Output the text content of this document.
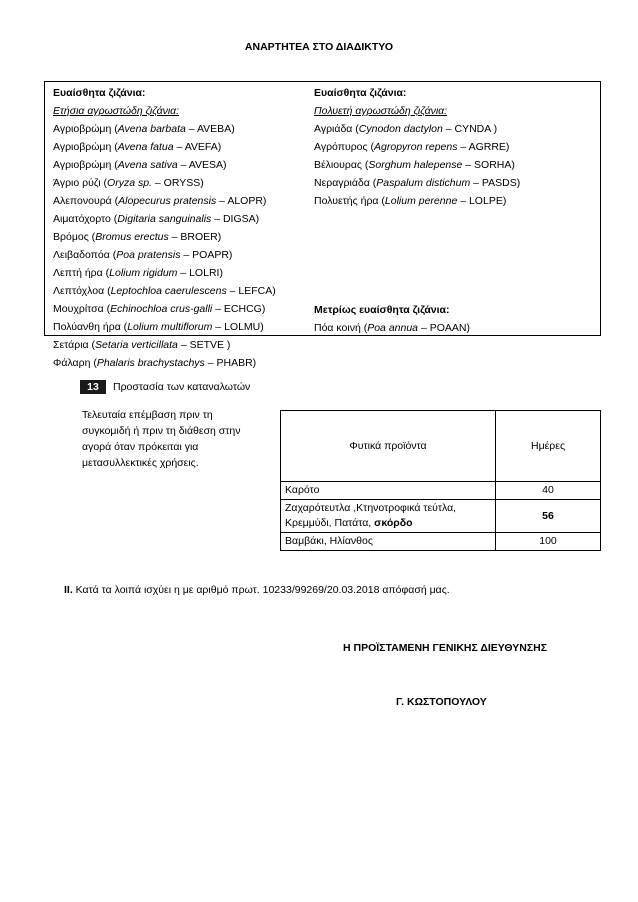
ΑΝΑΡΤΗΤΕΑ ΣΤΟ ΔΙΑΔΙΚΤΥΟ
Ευαίσθητα ζιζάνια:
Ετήσια αγρωστώδη ζιζάνια:
Αγριοβρώμη (Avena barbata – AVEBA)
Αγριοβρώμη (Avena fatua – AVEFA)
Αγριοβρώμη (Avena sativa – AVESA)
Άγριο ρύζι (Oryza sp. – ORYSS)
Αλεπονουρά (Alopecurus pratensis – ALOPR)
Αιματόχορτο (Digitaria sanguinalis – DIGSA)
Βρόμος (Bromus erectus – BROER)
Λειβαδοπόα (Poa pratensis – POAPR)
Λεπτή ήρα (Lolium rigidum – LOLRI)
Λεπτόχλοα (Leptochloa caerulescens – LEFCA)
Μουχρίτσα (Echinochloa crus-galli – ECHCG)
Πολύανθη ήρα (Lolium multiflorum – LOLMU)
Σετάρια (Setaria verticillata – SETVE )
Φάλαρη (Phalaris brachystachys – PHABR)
Ευαίσθητα ζιζάνια:
Πολυετή αγρωστώδη ζιζάνια:
Αγριάδα (Cynodon dactylon – CYNDA )
Αγρόπυρος (Agropyron repens – AGRRE)
Βέλιουρας (Sorghum halepense – SORHA)
Νεραγριάδα (Paspalum distichum – PASDS)
Πολυετής ήρα (Lolium perenne – LOLPE)
Μετρίως ευαίσθητα ζιζάνια:
Πόα κοινή (Poa annua – POAAN)
13	Προστασία των καταναλωτών
Τελευταία επέμβαση πριν τη συγκομιδή ή πριν τη διάθεση στην αγορά όταν πρόκειται για μετασυλλεκτικές χρήσεις.
Φυτικά προϊόντα	Ημέρες
Καρότο	40
Ζαχαρότευτλα ,Κτηνοτροφικά τεύτλα, Κρεμμύδι, Πατάτα, σκόρδο	56
Βαμβάκι, Ηλίανθος	100
ΙΙ. Κατά τα λοιπά ισχύει η με αριθμό πρωτ. 10233/99269/20.03.2018 απόφασή μας.
Η ΠΡΟΪΣΤΑΜΕΝΗ ΓΕΝΙΚΗΣ ΔΙΕΥΘΥΝΣΗΣ
Γ. ΚΩΣΤΟΠΟΥΛΟΥ
